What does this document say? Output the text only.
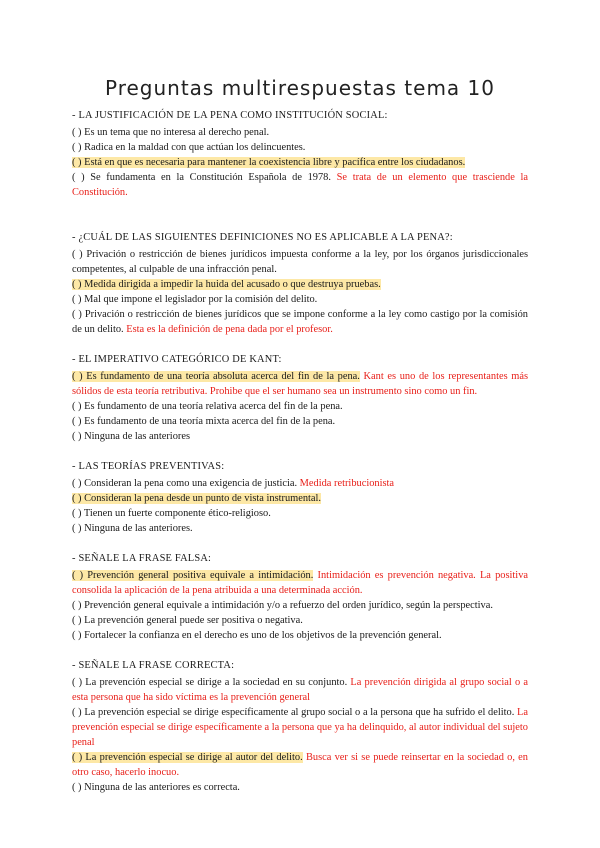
Preguntas multirespuestas tema 10

- LA JUSTIFICACIÓN DE LA PENA COMO INSTITUCIÓN SOCIAL:

( ) Es un tema que no interesa al derecho penal.

( ) Radica en la maldad con que actúan los delincuentes.

( ) Está en que es necesaria para mantener la coexistencia libre y pacífica entre los ciudadanos.

( ) Se fundamenta en la Constitución Española de 1978. Se trata de un elemento que trasciende la Constitución.

- ¿CUÁL DE LAS SIGUIENTES DEFINICIONES NO ES APLICABLE A LA PENA?:

( ) Privación o restricción de bienes jurídicos impuesta conforme a la ley, por los órganos jurisdiccionales competentes, al culpable de una infracción penal.

( ) Medida dirigida a impedir la huida del acusado o que destruya pruebas.

( ) Mal que impone el legislador por la comisión del delito.

( ) Privación o restricción de bienes jurídicos que se impone conforme a la ley como castigo por la comisión de un delito. Esta es la definición de pena dada por el profesor.

- EL IMPERATIVO CATEGÓRICO DE KANT:

( ) Es fundamento de una teoría absoluta acerca del fin de la pena. Kant es uno de los representantes más sólidos de esta teoría retributiva. Prohibe que el ser humano sea un instrumento sino como un fin.

( ) Es fundamento de una teoría relativa acerca del fin de la pena.

( ) Es fundamento de una teoría mixta acerca del fin de la pena.

( ) Ninguna de las anteriores

- LAS TEORÍAS PREVENTIVAS:

( ) Consideran la pena como una exigencia de justicia. Medida retribucionista

( ) Consideran la pena desde un punto de vista instrumental.

( ) Tienen un fuerte componente ético-religioso.

( ) Ninguna de las anteriores.

- SEÑALE LA FRASE FALSA:

( ) Prevención general positiva equivale a intimidación. Intimidación es prevención negativa. La positiva consolida la aplicación de la pena atribuida a una determinada acción.

( ) Prevención general equivale a intimidación y/o a refuerzo del orden jurídico, según la perspectiva.

( ) La prevención general puede ser positiva o negativa.

( ) Fortalecer la confianza en el derecho es uno de los objetivos de la prevención general.

- SEÑALE LA FRASE CORRECTA:

( ) La prevención especial se dirige a la sociedad en su conjunto. La prevención dirigida al grupo social o a esta persona que ha sido víctima es la prevención general

( ) La prevención especial se dirige específicamente al grupo social o a la persona que ha sufrido el delito. La prevención especial se dirige específicamente a la persona que ya ha delinquido, al autor individual del sujeto penal

( ) La prevención especial se dirige al autor del delito. Busca ver si se puede reinsertar en la sociedad o, en otro caso, hacerlo inocuo.

( ) Ninguna de las anteriores es correcta.
